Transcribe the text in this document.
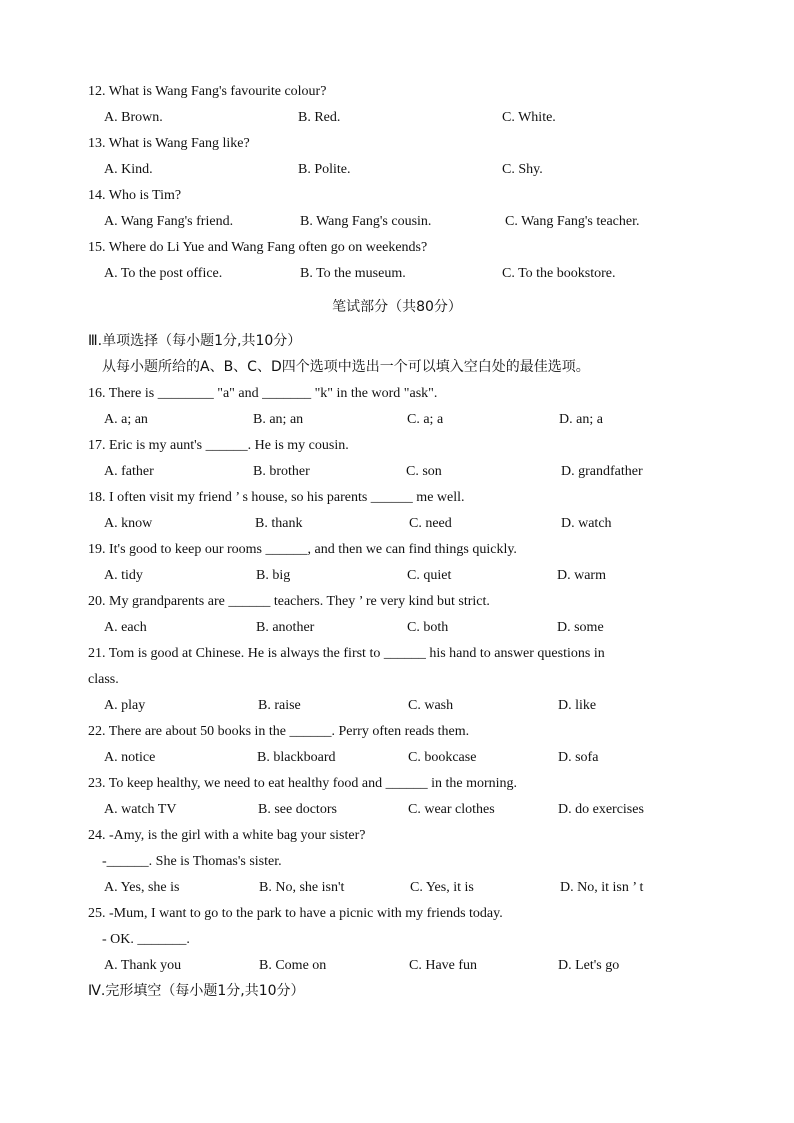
12. What is Wang Fang's favourite colour?
A. Brown.	B. Red.	C. White.
13. What is Wang Fang like?
A. Kind.	B. Polite.	C. Shy.
14. Who is Tim?
A. Wang Fang's friend.	B. Wang Fang's cousin.	C. Wang Fang's teacher.
15. Where do Li Yue and Wang Fang often go on weekends?
A. To the post office.	B. To the museum.	C. To the bookstore.
笔试部分（共80分）
Ⅲ.单项选择（每小题1分,共10分）
从每小题所给的A、B、C、D四个选项中选出一个可以填入空白处的最佳选项。
16. There is ________ "a" and _______ "k" in the word "ask".
A. a; an	B. an; an	C. a; a	D. an; a
17. Eric is my aunt's ______. He is my cousin.
A. father	B. brother	C. son	D. grandfather
18. I often visit my friend ’ s house, so his parents ______ me well.
A. know	B. thank	C. need	D. watch
19. It's good to keep our rooms ______, and then we can find things quickly.
A. tidy	B. big	C. quiet	D. warm
20. My grandparents are ______ teachers. They ’ re very kind but strict.
A. each	B. another	C. both	D. some
21. Tom is good at Chinese. He is always the first to ______ his hand to answer questions in
class.
A. play	B. raise	C. wash	D. like
22. There are about 50 books in the ______. Perry often reads them.
A. notice	B. blackboard	C. bookcase	D. sofa
23. To keep healthy, we need to eat healthy food and ______ in the morning.
A. watch TV	B. see doctors	C. wear clothes	D. do exercises
24. -Amy, is the girl with a white bag your sister?
-______. She is Thomas's sister.
A. Yes, she is	B. No, she isn't	C. Yes, it is	D. No, it isn ’ t
25. -Mum, I want to go to the park to have a picnic with my friends today.
- OK. _______.
A. Thank you	B. Come on	C. Have fun	D. Let's go
Ⅳ.完形填空（每小题1分,共10分）
